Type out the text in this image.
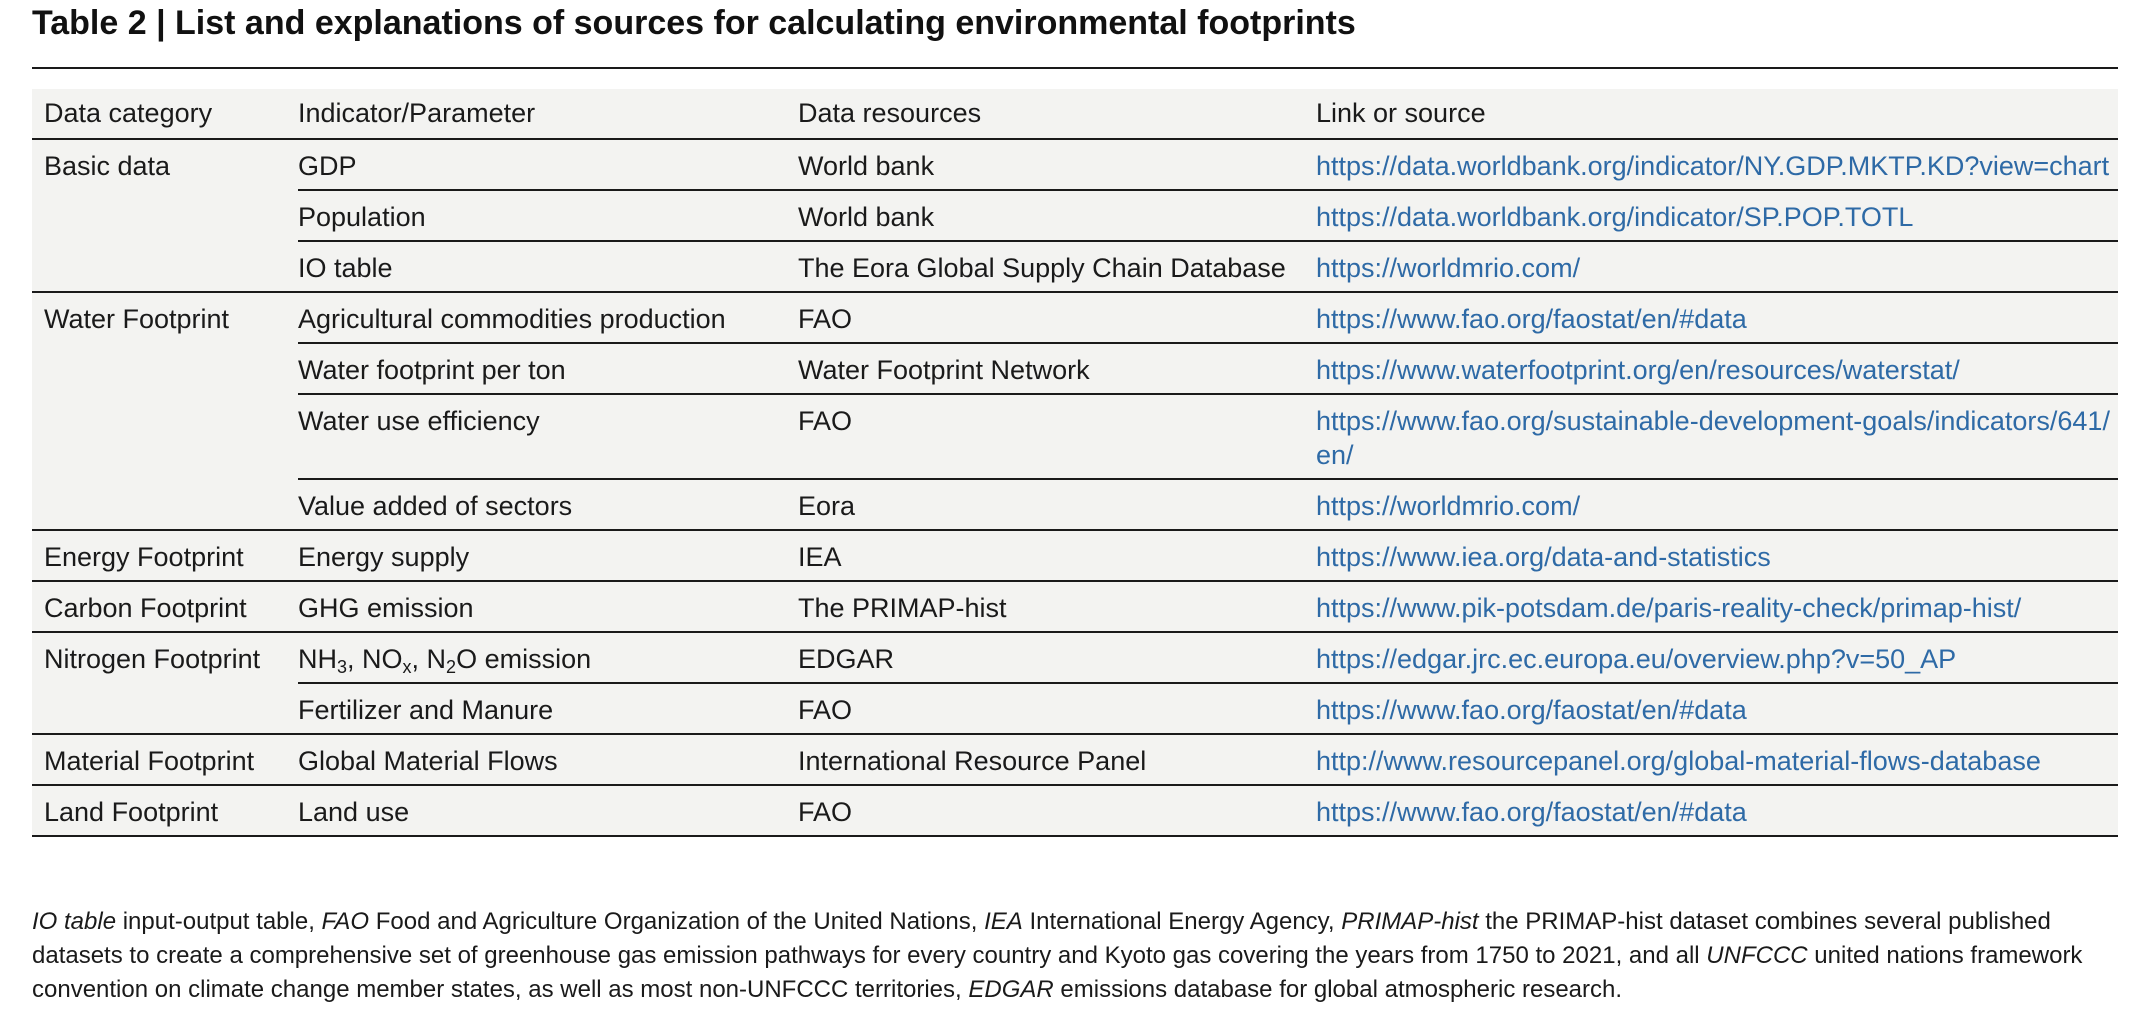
Table 2 | List and explanations of sources for calculating environmental footprints
Data category	Indicator/Parameter	Data resources	Link or source
Basic data	GDP	World bank	https://data.worldbank.org/indicator/NY.GDP.MKTP.KD?view=chart
	Population	World bank	https://data.worldbank.org/indicator/SP.POP.TOTL
	IO table	The Eora Global Supply Chain Database	https://worldmrio.com/
Water Footprint	Agricultural commodities production	FAO	https://www.fao.org/faostat/en/#data
	Water footprint per ton	Water Footprint Network	https://www.waterfootprint.org/en/resources/waterstat/
	Water use efficiency	FAO	https://www.fao.org/sustainable-development-goals/indicators/641/en/
	Value added of sectors	Eora	https://worldmrio.com/
Energy Footprint	Energy supply	IEA	https://www.iea.org/data-and-statistics
Carbon Footprint	GHG emission	The PRIMAP-hist	https://www.pik-potsdam.de/paris-reality-check/primap-hist/
Nitrogen Footprint	$NH_3$, $NO_x$, $N_2O$ emission	EDGAR	https://edgar.jrc.ec.europa.eu/overview.php?v=50_AP
	Fertilizer and Manure	FAO	https://www.fao.org/faostat/en/#data
Material Footprint	Global Material Flows	International Resource Panel	http://www.resourcepanel.org/global-material-flows-database
Land Footprint	Land use	FAO	https://www.fao.org/faostat/en/#data
IO table input-output table, FAO Food and Agriculture Organization of the United Nations, IEA International Energy Agency, PRIMAP-hist the PRIMAP-hist dataset combines several published datasets to create a comprehensive set of greenhouse gas emission pathways for every country and Kyoto gas covering the years from 1750 to 2021, and all UNFCCC united nations framework convention on climate change member states, as well as most non-UNFCCC territories, EDGAR emissions database for global atmospheric research.
